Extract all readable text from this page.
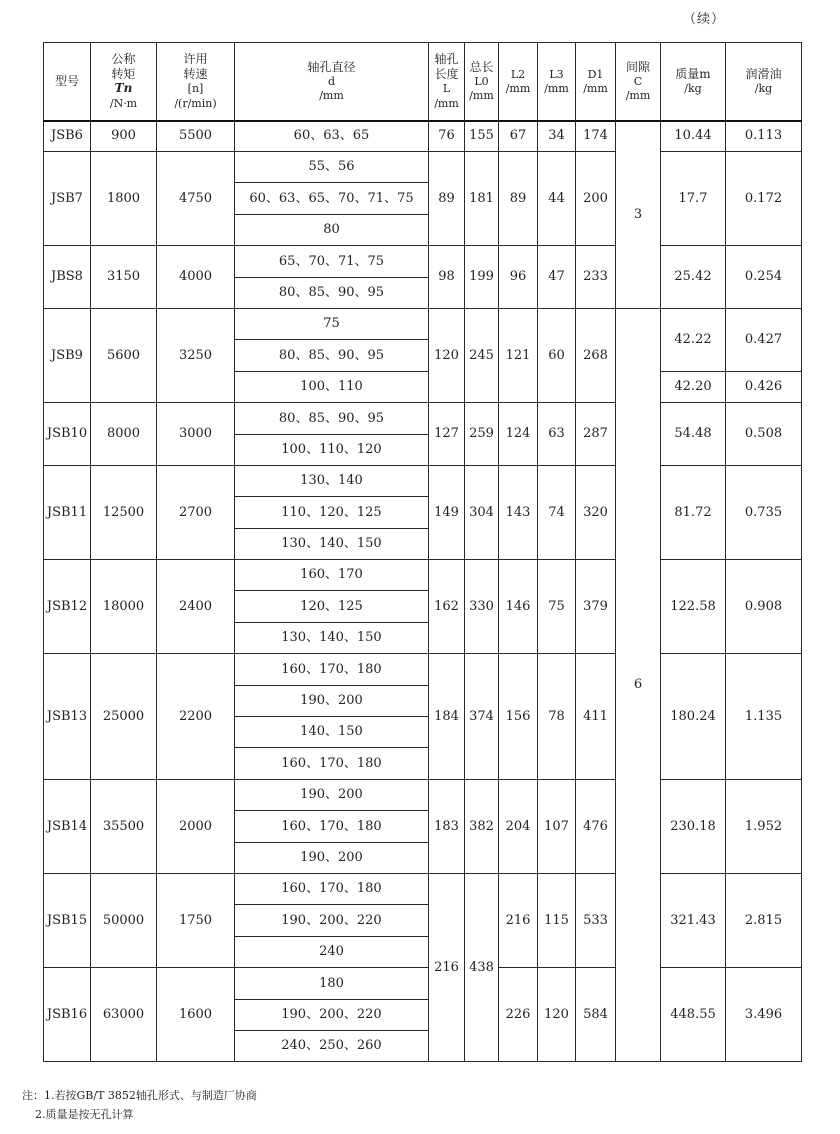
（续）
型号	公称
转矩
Tn
/N·m	许用
转速
[n]
/(r/min)	轴孔直径
d
/mm	轴孔
长度
L
/mm	总长
L0
/mm	L2
/mm	L3
/mm	D1
/mm	间隙
C
/mm	质量m
/kg	润滑油
/kg
JSB6	900	5500	60、63、65	76	155	67	34	174	3	10.44	0.113
JSB7	1800	4750	55、56	89	181	89	44	200		17.7	0.172
			60、63、65、70、71、75								
			80								
JBS8	3150	4000	65、70、71、75	98	199	96	47	233		25.42	0.254
			80、85、90、95								
JSB9	5600	3250	75	120	245	121	60	268	6	42.22	0.427
			80、85、90、95								
			100、110							42.20	0.426
JSB10	8000	3000	80、85、90、95	127	259	124	63	287		54.48	0.508
			100、110、120								
JSB11	12500	2700	130、140	149	304	143	74	320		81.72	0.735
			110、120、125								
			130、140、150								
JSB12	18000	2400	160、170	162	330	146	75	379		122.58	0.908
			120、125								
			130、140、150								
JSB13	25000	2200	160、170、180	184	374	156	78	411		180.24	1.135
			190、200								
			140、150								
			160、170、180								
JSB14	35500	2000	190、200	183	382	204	107	476		230.18	1.952
			160、170、180								
			190、200								
JSB15	50000	1750	160、170、180	216	438	216	115	533		321.43	2.815
			190、200、220								
			240								
JSB16	63000	1600	180			226	120	584		448.55	3.496
			190、200、220								
			240、250、260								
注：1.若按GB/T 3852轴孔形式、与制造厂协商
2.质量是按无孔计算
